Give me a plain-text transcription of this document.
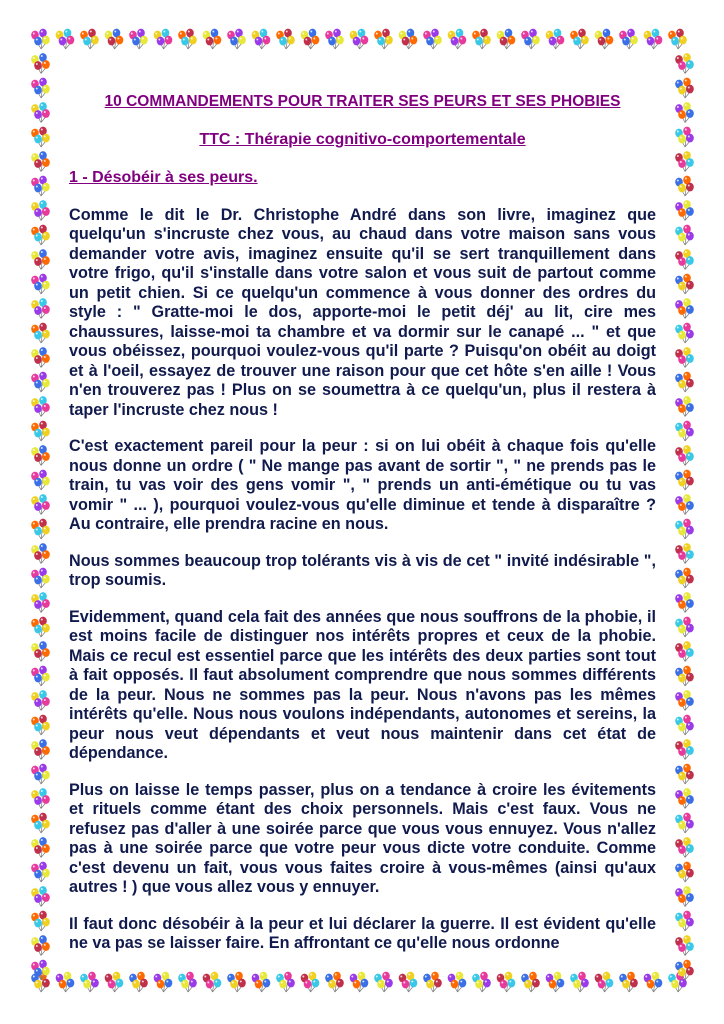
10 COMMANDEMENTS POUR TRAITER SES PEURS ET SES PHOBIES
TTC : Thérapie cognitivo-comportementale
1 - Désobéir à ses peurs.

Comme le dit le Dr. Christophe André dans son livre, imaginez que quelqu'un s'incruste chez vous, au chaud dans votre maison sans vous demander votre avis, imaginez ensuite qu'il se sert tranquillement dans votre frigo, qu'il s'installe dans votre salon et vous suit de partout comme un petit chien. Si ce quelqu'un commence à vous donner des ordres du style : " Gratte-moi le dos, apporte-moi le petit déj' au lit, cire mes chaussures, laisse-moi ta chambre et va dormir sur le canapé ... " et que vous obéissez, pourquoi voulez-vous qu'il parte ? Puisqu'on obéit au doigt et à l'oeil, essayez de trouver une raison pour que cet hôte s'en aille ! Vous n'en trouverez pas ! Plus on se soumettra à ce quelqu'un, plus il restera à taper l'incruste chez nous !

C'est exactement pareil pour la peur : si on lui obéit à chaque fois qu'elle nous donne un ordre ( " Ne mange pas avant de sortir ", " ne prends pas le train, tu vas voir des gens vomir ", " prends un anti-émétique ou tu vas vomir " ... ), pourquoi voulez-vous qu'elle diminue et tende à disparaître ? Au contraire, elle prendra racine en nous.

Nous sommes beaucoup trop tolérants vis à vis de cet " invité indésirable ", trop soumis.

Evidemment, quand cela fait des années que nous souffrons de la phobie, il est moins facile de distinguer nos intérêts propres et ceux de la phobie. Mais ce recul est essentiel parce que les intérêts des deux parties sont tout à fait opposés. Il faut absolument comprendre que nous sommes différents de la peur. Nous ne sommes pas la peur. Nous n'avons pas les mêmes intérêts qu'elle. Nous nous voulons indépendants, autonomes et sereins, la peur nous veut dépendants et veut nous maintenir dans cet état de dépendance.

Plus on laisse le temps passer, plus on a tendance à croire les évitements et rituels comme étant des choix personnels. Mais c'est faux. Vous ne refusez pas d'aller à une soirée parce que vous vous ennuyez. Vous n'allez pas à une soirée parce que votre peur vous dicte votre conduite. Comme c'est devenu un fait, vous vous faites croire à vous-mêmes (ainsi qu'aux autres ! ) que vous allez vous y ennuyer.

Il faut donc désobéir à la peur et lui déclarer la guerre. Il est évident qu'elle ne va pas se laisser faire. En affrontant ce qu'elle nous ordonne
